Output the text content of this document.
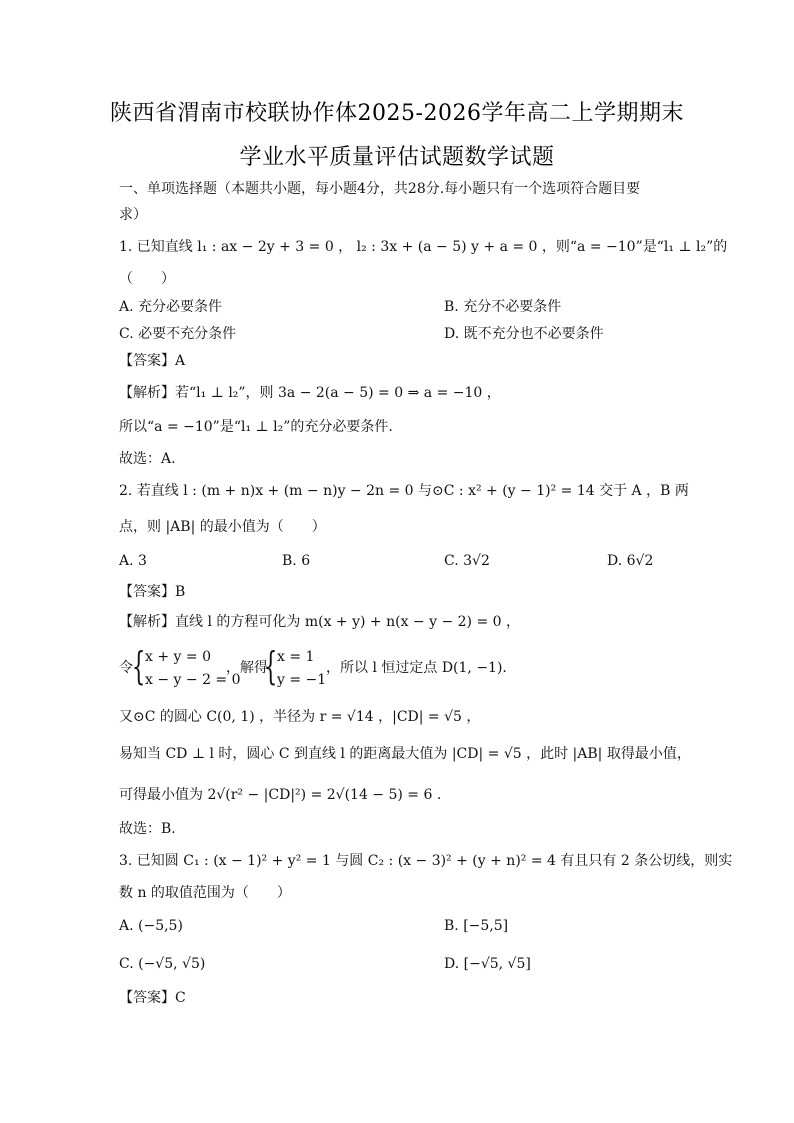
陕西省渭南市校联协作体2025-2026学年高二上学期期末
学业水平质量评估试题数学试题
一、单项选择题（本题共小题，每小题4分，共28分.每小题只有一个选项符合题目要
求）
1. 已知直线 l₁ : ax − 2y + 3 = 0 ， l₂ : 3x + (a − 5) y + a = 0 ，则“a = −10”是“l₁ ⊥ l₂”的
（　　）
A. 充分必要条件	B. 充分不必要条件
C. 必要不充分条件	D. 既不充分也不必要条件
【答案】A
【解析】若“l₁ ⊥ l₂”，则 3a − 2(a − 5) = 0 ⇒ a = −10 ，
所以“a = −10”是“l₁ ⊥ l₂”的充分必要条件.
故选：A.
2. 若直线 l : (m + n)x + (m − n)y − 2n = 0 与⊙C : x² + (y − 1)² = 14 交于 A ，B 两
点，则 |AB| 的最小值为（　　）
A. 3	B. 6	C. 3√2	D. 6√2
【答案】B
【解析】直线 l 的方程可化为 m(x + y) + n(x − y − 2) = 0 ，
令 { x + y = 0
x − y − 2 = 0
，解得
{ x = 1
y = −1
，所以 l 恒过定点 D(1, −1).
又⊙C 的圆心 C(0, 1) ，半径为 r = √14 ，|CD| = √5 ，
易知当 CD ⊥ l 时，圆心 C 到直线 l 的距离最大值为 |CD| = √5 ，此时 |AB| 取得最小值，
可得最小值为 2√(r² − |CD|²) = 2√(14 − 5) = 6 .
故选：B.
3. 已知圆 C₁ : (x − 1)² + y² = 1 与圆 C₂ : (x − 3)² + (y + n)² = 4 有且只有 2 条公切线，则实
数 n 的取值范围为（　　）
A. (−5,5)	B. [−5,5]
C. (−√5, √5)	D. [−√5, √5]
【答案】C
